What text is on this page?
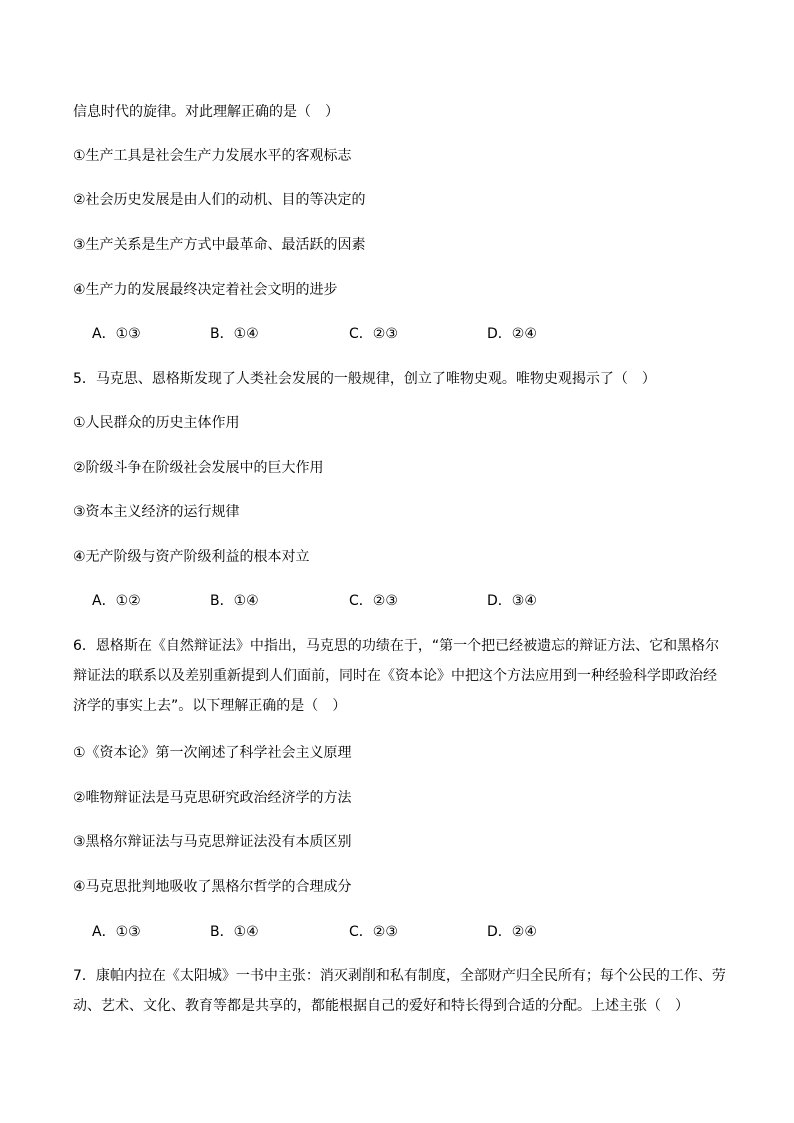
信息时代的旋律。对此理解正确的是（　）
①生产工具是社会生产力发展水平的客观标志
②社会历史发展是由人们的动机、目的等决定的
③生产关系是生产方式中最革命、最活跃的因素
④生产力的发展最终决定着社会文明的进步
A．①③	B．①④	C．②③	D．②④
5．马克思、恩格斯发现了人类社会发展的一般规律，创立了唯物史观。唯物史观揭示了（　）
①人民群众的历史主体作用
②阶级斗争在阶级社会发展中的巨大作用
③资本主义经济的运行规律
④无产阶级与资产阶级利益的根本对立
A．①②	B．①④	C．②③	D．③④
6．恩格斯在《自然辩证法》中指出，马克思的功绩在于，“第一个把已经被遗忘的辩证方法、它和黑格尔
辩证法的联系以及差别重新提到人们面前，同时在《资本论》中把这个方法应用到一种经验科学即政治经
济学的事实上去”。以下理解正确的是（　）
①《资本论》第一次阐述了科学社会主义原理
②唯物辩证法是马克思研究政治经济学的方法
③黑格尔辩证法与马克思辩证法没有本质区别
④马克思批判地吸收了黑格尔哲学的合理成分
A．①③	B．①④	C．②③	D．②④
7．康帕内拉在《太阳城》一书中主张：消灭剥削和私有制度，全部财产归全民所有；每个公民的工作、劳
动、艺术、文化、教育等都是共享的，都能根据自己的爱好和特长得到合适的分配。上述主张（　）
